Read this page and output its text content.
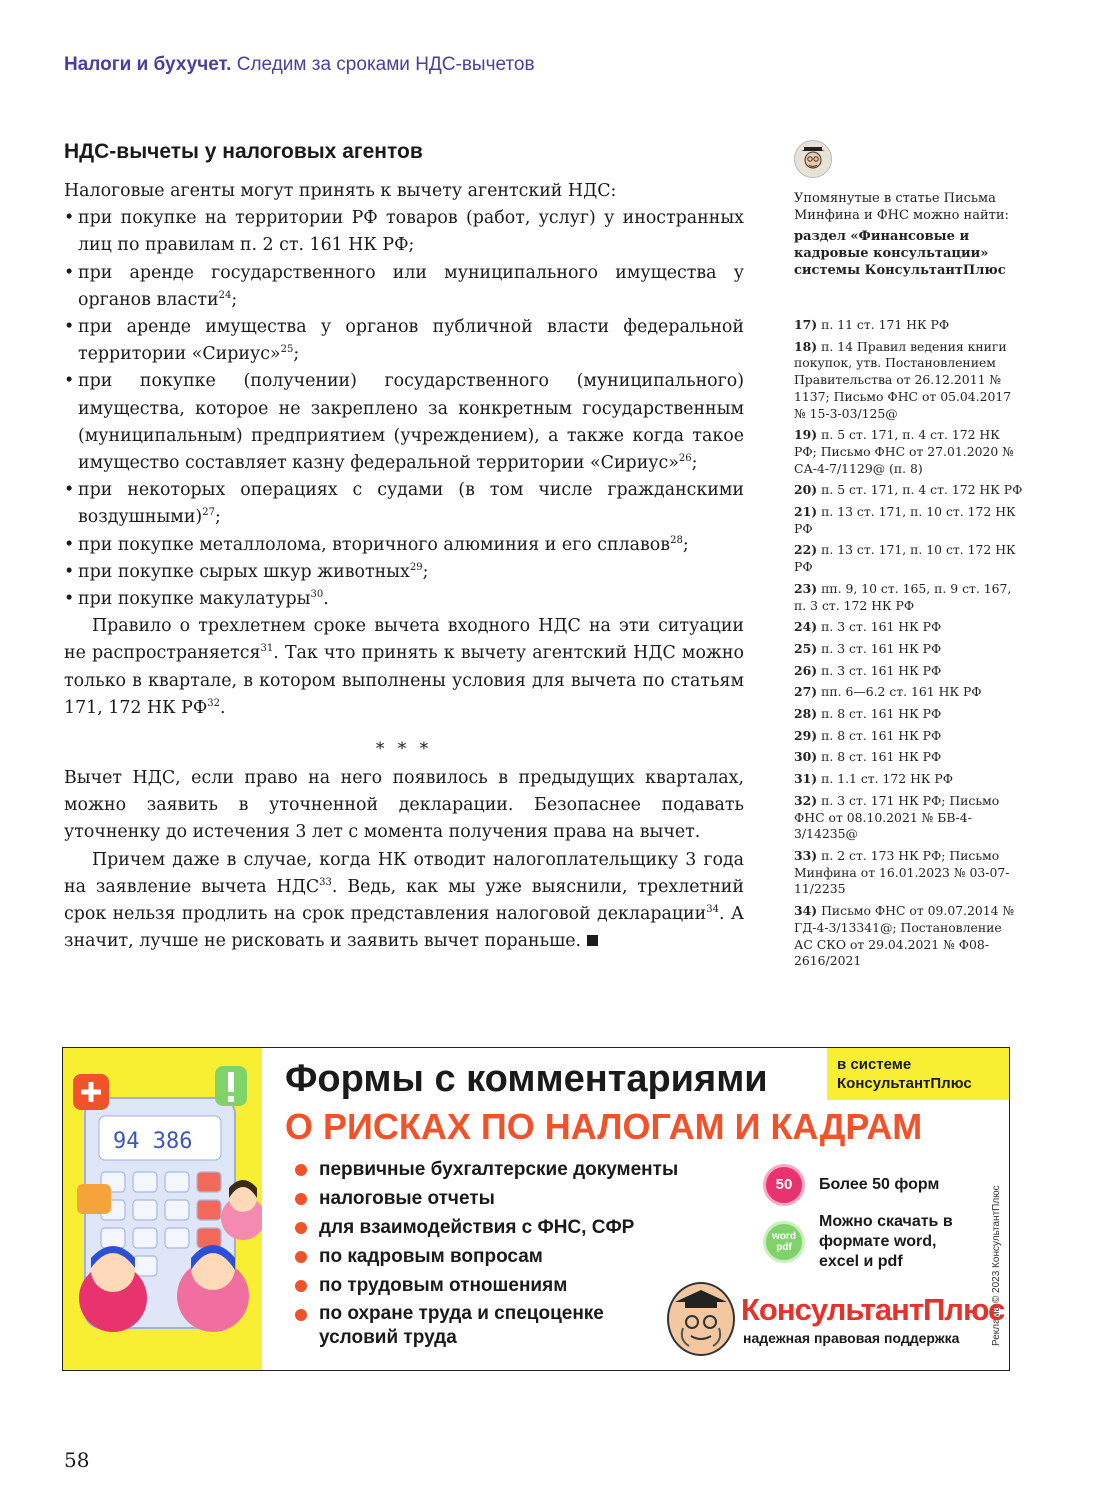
Налоги и бухучет. Следим за сроками НДС-вычетов
НДС-вычеты у налоговых агентов

Налоговые агенты могут принять к вычету агентский НДС:

• при покупке на территории РФ товаров (работ, услуг) у иностранных лиц по правилам п. 2 ст. 161 НК РФ;
• при аренде государственного или муниципального имущества у органов власти$^{24}$;
• при аренде имущества у органов публичной власти федеральной территории «Сириус»$^{25}$;
• при покупке (получении) государственного (муниципального) имущества, которое не закреплено за конкретным государственным (муниципальным) предприятием (учреждением), а также когда такое имущество составляет казну федеральной территории «Сириус»$^{26}$;
• при некоторых операциях с судами (в том числе гражданскими воздушными)$^{27}$;
• при покупке металлолома, вторичного алюминия и его сплавов$^{28}$;
• при покупке сырых шкур животных$^{29}$;
• при покупке макулатуры$^{30}$.

Правило о трехлетнем сроке вычета входного НДС на эти ситуации не распространяется$^{31}$. Так что принять к вычету агентский НДС можно только в квартале, в котором выполнены условия для вычета по статьям 171, 172 НК РФ$^{32}$.

* * *

Вычет НДС, если право на него появилось в предыдущих кварталах, можно заявить в уточненной декларации. Безопаснее подавать уточненку до истечения 3 лет с момента получения права на вычет.

Причем даже в случае, когда НК отводит налогоплательщику 3 года на заявление вычета НДС$^{33}$. Ведь, как мы уже выяснили, трехлетний срок нельзя продлить на срок представления налоговой декларации$^{34}$. А значит, лучше не рисковать и заявить вычет пораньше.

Упомянутые в статье Письма Минфина и ФНС можно найти:
раздел «Финансовые и кадровые консультации» системы КонсультантПлюс
17) п. 11 ст. 171 НК РФ
18) п. 14 Правил ведения книги покупок, утв. Постановлением Правительства от 26.12.2011 № 1137; Письмо ФНС от 05.04.2017 № 15-3-03/125@
19) п. 5 ст. 171, п. 4 ст. 172 НК РФ; Письмо ФНС от 27.01.2020 № СА-4-7/1129@ (п. 8)
20) п. 5 ст. 171, п. 4 ст. 172 НК РФ
21) п. 13 ст. 171, п. 10 ст. 172 НК РФ
22) п. 13 ст. 171, п. 10 ст. 172 НК РФ
23) пп. 9, 10 ст. 165, п. 9 ст. 167, п. 3 ст. 172 НК РФ
24) п. 3 ст. 161 НК РФ
25) п. 3 ст. 161 НК РФ
26) п. 3 ст. 161 НК РФ
27) пп. 6—6.2 ст. 161 НК РФ
28) п. 8 ст. 161 НК РФ
29) п. 8 ст. 161 НК РФ
30) п. 8 ст. 161 НК РФ
31) п. 1.1 ст. 172 НК РФ
32) п. 3 ст. 171 НК РФ; Письмо ФНС от 08.10.2021 № БВ-4-3/14235@
33) п. 2 ст. 173 НК РФ; Письмо Минфина от 16.01.2023 № 03-07-11/2235
34) Письмо ФНС от 09.07.2014 № ГД-4-3/13341@; Постановление АС СКО от 29.04.2021 № Ф08-2616/2021
94 386
Формы с комментариями
О РИСКАХ ПО НАЛОГАМ И КАДРАМ
в системе КонсультантПлюс
первичные бухгалтерские документы
налоговые отчеты
для взаимодействия с ФНС, СФР
по кадровым вопросам
по трудовым отношениям
по охране труда и спецоценке условий труда
50	Более 50 форм
word pdf
Можно скачать в формате word, excel и pdf	Реклама © 2023 КонсультантПлюс
КонсультантПлюс
надежная правовая поддержка
58
